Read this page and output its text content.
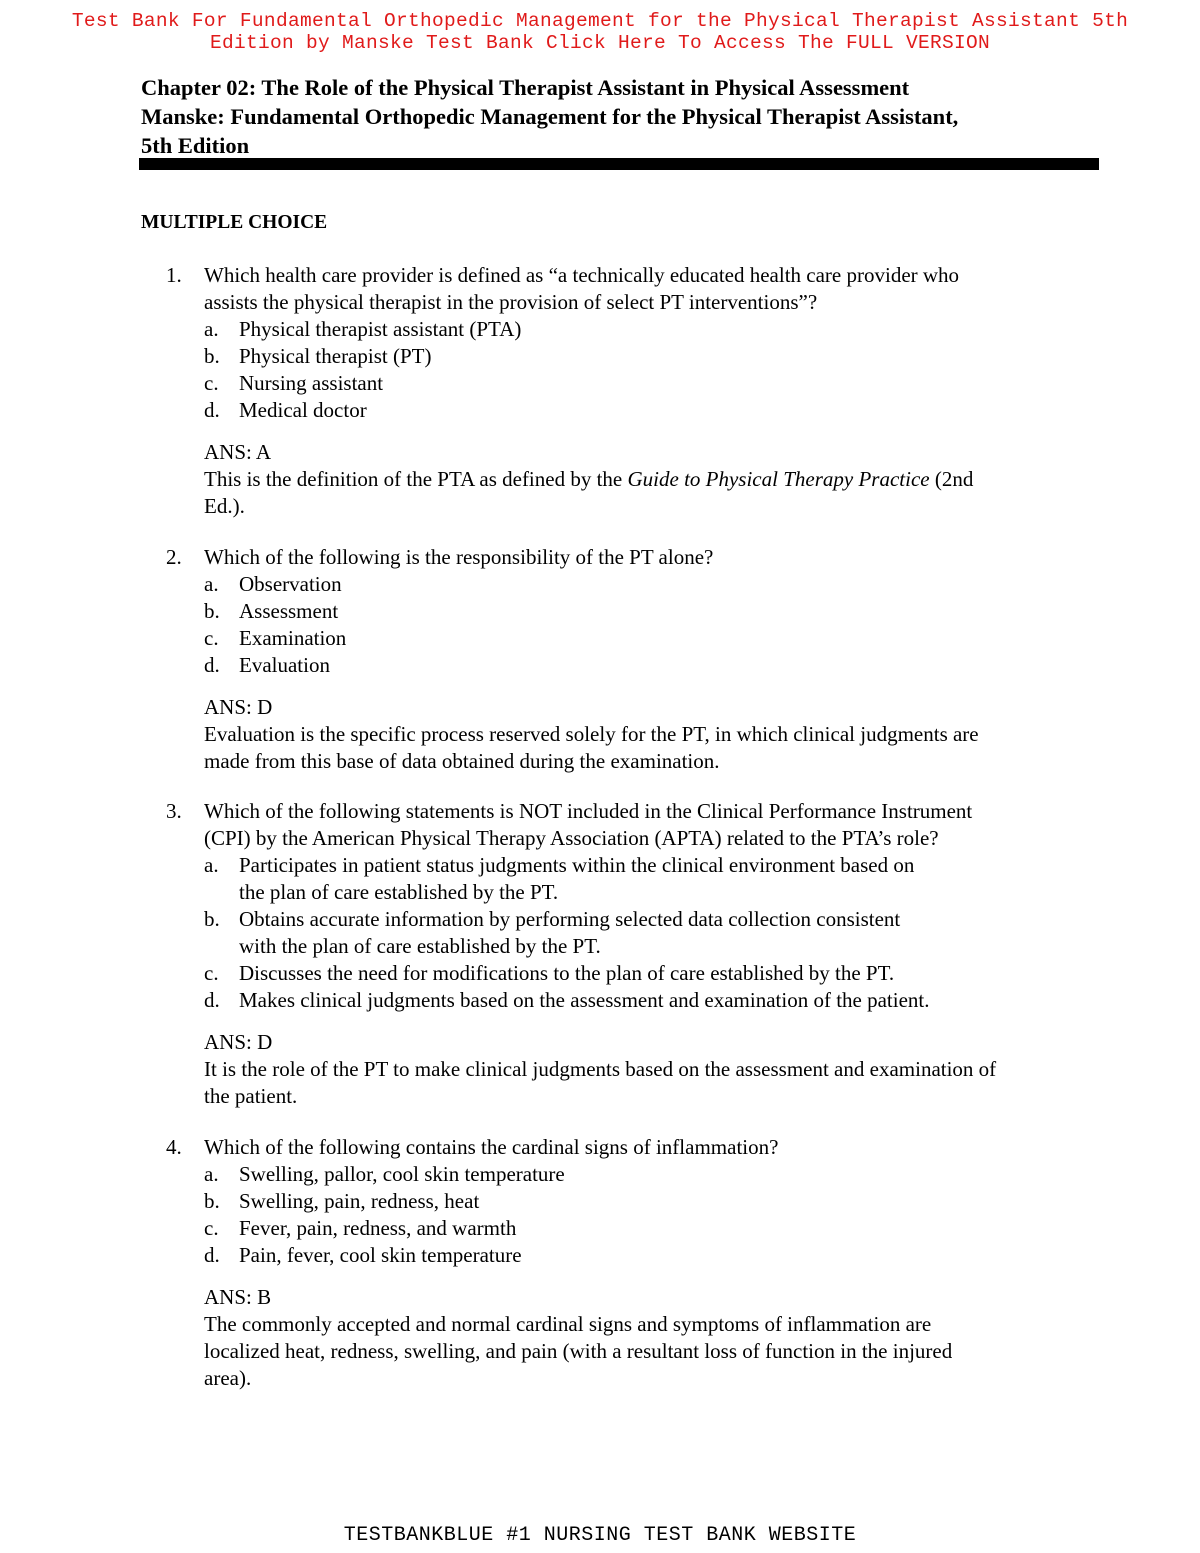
Test Bank For Fundamental Orthopedic Management for the Physical Therapist Assistant 5th
Edition by Manske Test Bank Click Here To Access The FULL VERSION
Chapter 02: The Role of the Physical Therapist Assistant in Physical Assessment
Manske: Fundamental Orthopedic Management for the Physical Therapist Assistant,
5th Edition
MULTIPLE CHOICE
1.	Which health care provider is defined as “a technically educated health care provider who
assists the physical therapist in the provision of select PT interventions”?
a. Physical therapist assistant (PTA)
b. Physical therapist (PT)
c. Nursing assistant
d. Medical doctor
ANS: A
This is the definition of the PTA as defined by the Guide to Physical Therapy Practice (2nd
Ed.).
2.	Which of the following is the responsibility of the PT alone?
a. Observation
b. Assessment
c. Examination
d. Evaluation
ANS: D
Evaluation is the specific process reserved solely for the PT, in which clinical judgments are
made from this base of data obtained during the examination.
3.	Which of the following statements is NOT included in the Clinical Performance Instrument
(CPI) by the American Physical Therapy Association (APTA) related to the PTA’s role?
a. Participates in patient status judgments within the clinical environment based on
the plan of care established by the PT.
b. Obtains accurate information by performing selected data collection consistent
with the plan of care established by the PT.
c. Discusses the need for modifications to the plan of care established by the PT.
d. Makes clinical judgments based on the assessment and examination of the patient.
ANS: D
It is the role of the PT to make clinical judgments based on the assessment and examination of
the patient.
4.	Which of the following contains the cardinal signs of inflammation?
a. Swelling, pallor, cool skin temperature
b. Swelling, pain, redness, heat
c. Fever, pain, redness, and warmth
d. Pain, fever, cool skin temperature
ANS: B
The commonly accepted and normal cardinal signs and symptoms of inflammation are
localized heat, redness, swelling, and pain (with a resultant loss of function in the injured
area).
TESTBANKBLUE #1 NURSING TEST BANK WEBSITE
